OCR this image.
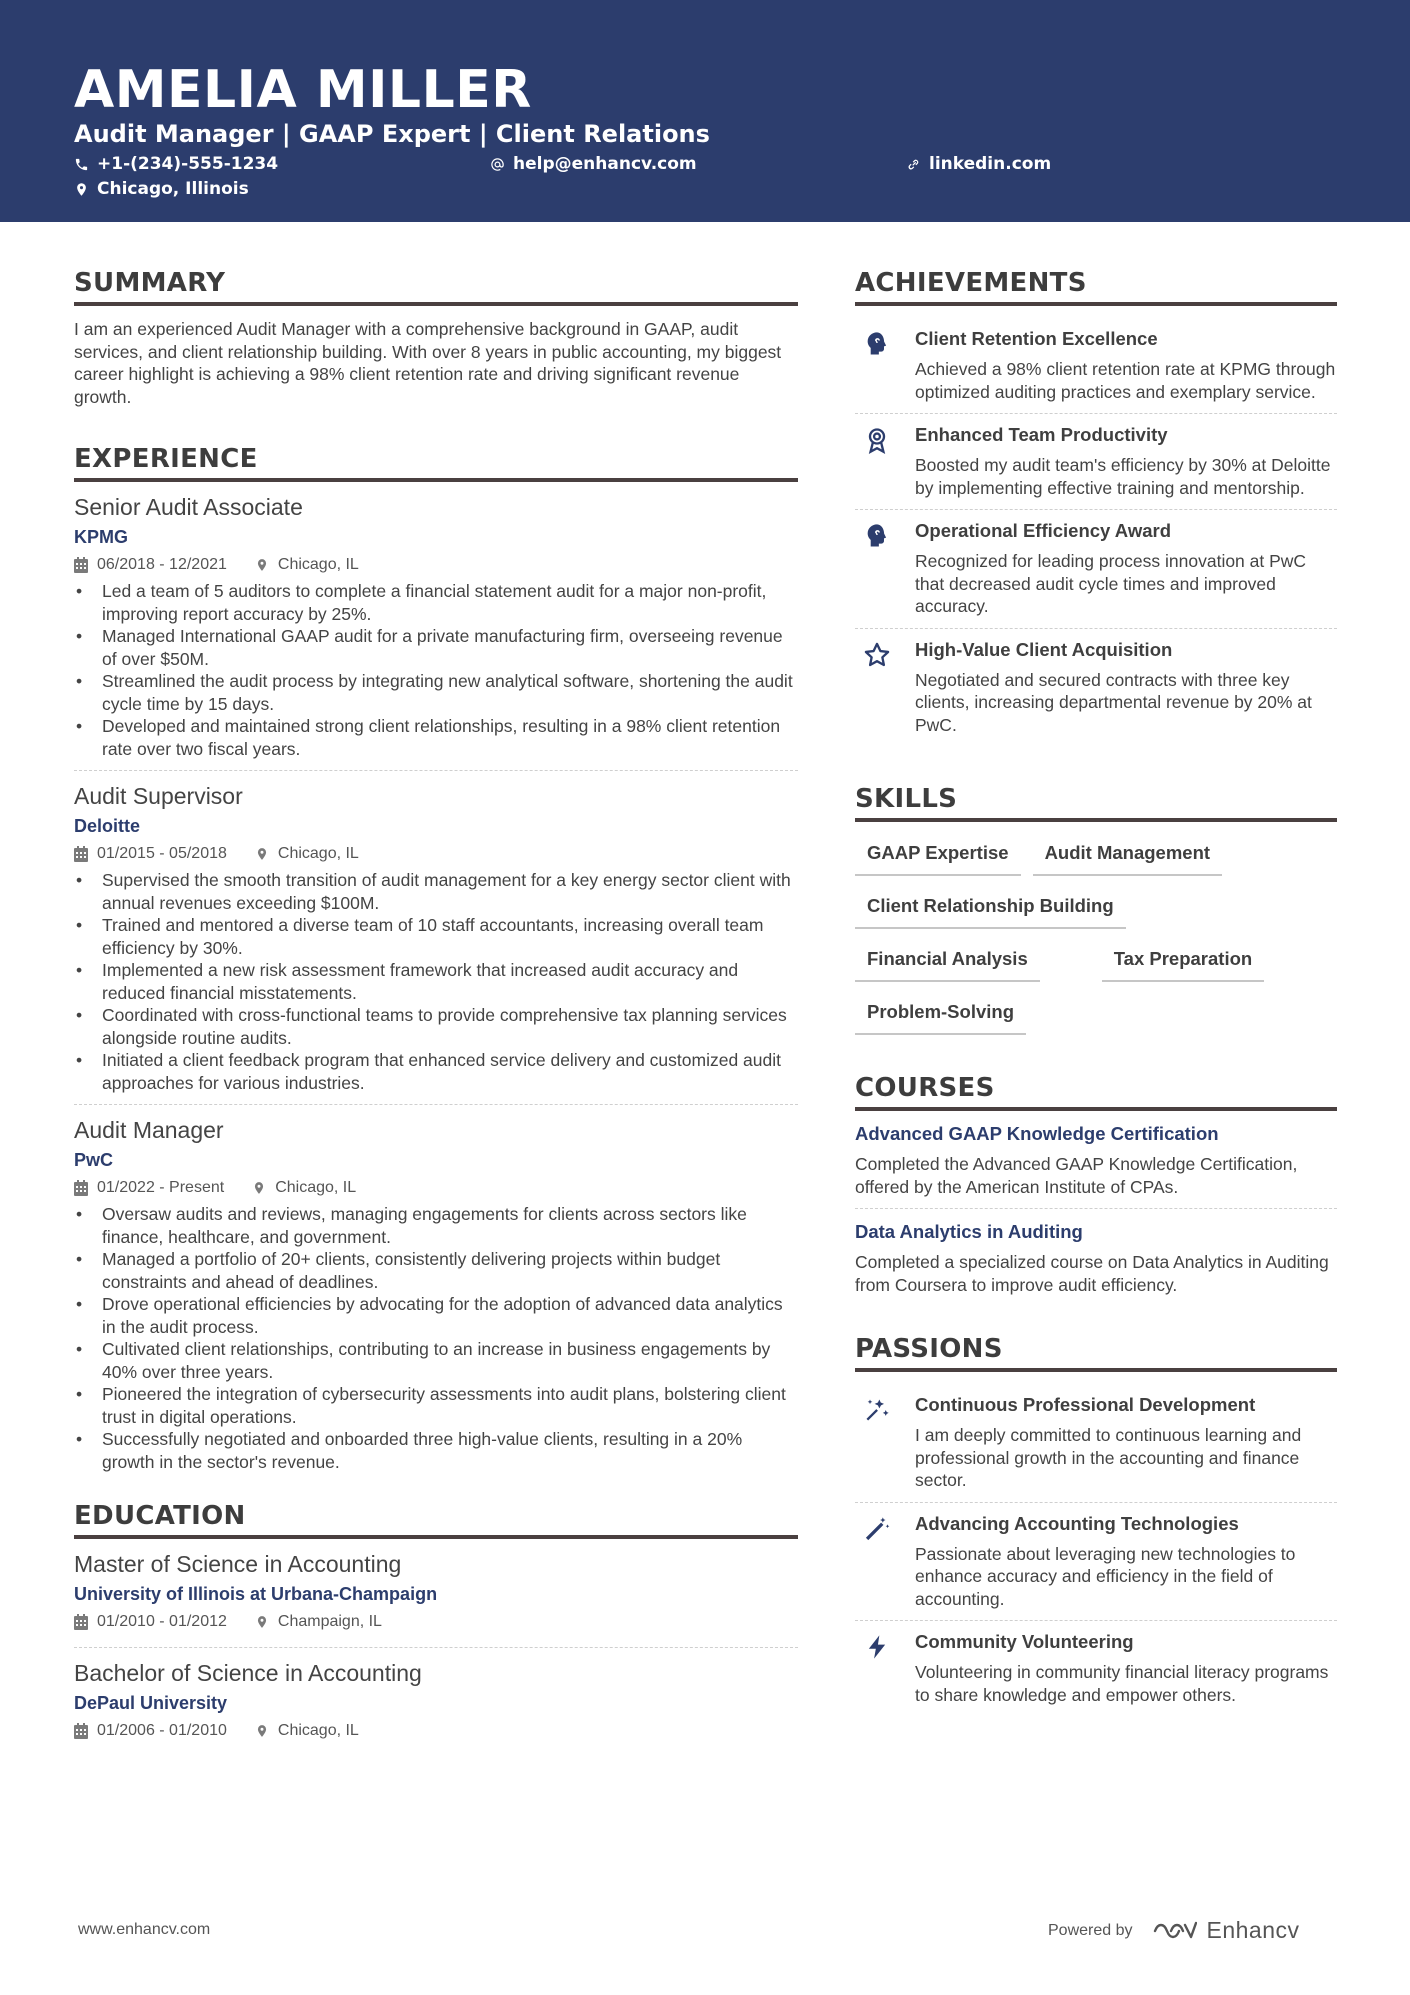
AMELIA MILLER
Audit Manager | GAAP Expert | Client Relations
+1-(234)-555-1234	help@enhancv.com	linkedin.com
Chicago, Illinois
SUMMARY
I am an experienced Audit Manager with a comprehensive background in GAAP, audit services, and client relationship building. With over 8 years in public accounting, my biggest career highlight is achieving a 98% client retention rate and driving significant revenue growth.
EXPERIENCE
Senior Audit Associate
KPMG
06/2018 - 12/2021	Chicago, IL
• Led a team of 5 auditors to complete a financial statement audit for a major non-profit, improving report accuracy by 25%.
• Managed International GAAP audit for a private manufacturing firm, overseeing revenue of over $50M.
• Streamlined the audit process by integrating new analytical software, shortening the audit cycle time by 15 days.
• Developed and maintained strong client relationships, resulting in a 98% client retention rate over two fiscal years.
Audit Supervisor
Deloitte
01/2015 - 05/2018	Chicago, IL
• Supervised the smooth transition of audit management for a key energy sector client with annual revenues exceeding $100M.
• Trained and mentored a diverse team of 10 staff accountants, increasing overall team efficiency by 30%.
• Implemented a new risk assessment framework that increased audit accuracy and reduced financial misstatements.
• Coordinated with cross-functional teams to provide comprehensive tax planning services alongside routine audits.
• Initiated a client feedback program that enhanced service delivery and customized audit approaches for various industries.
Audit Manager
PwC
01/2022 - Present	Chicago, IL
• Oversaw audits and reviews, managing engagements for clients across sectors like finance, healthcare, and government.
• Managed a portfolio of 20+ clients, consistently delivering projects within budget constraints and ahead of deadlines.
• Drove operational efficiencies by advocating for the adoption of advanced data analytics in the audit process.
• Cultivated client relationships, contributing to an increase in business engagements by 40% over three years.
• Pioneered the integration of cybersecurity assessments into audit plans, bolstering client trust in digital operations.
• Successfully negotiated and onboarded three high-value clients, resulting in a 20% growth in the sector's revenue.
EDUCATION
Master of Science in Accounting
University of Illinois at Urbana-Champaign
01/2010 - 01/2012	Champaign, IL
Bachelor of Science in Accounting
DePaul University
01/2006 - 01/2010	Chicago, IL
ACHIEVEMENTS
Client Retention Excellence
Achieved a 98% client retention rate at KPMG through optimized auditing practices and exemplary service.
Enhanced Team Productivity
Boosted my audit team's efficiency by 30% at Deloitte by implementing effective training and mentorship.
Operational Efficiency Award
Recognized for leading process innovation at PwC that decreased audit cycle times and improved accuracy.
High-Value Client Acquisition
Negotiated and secured contracts with three key clients, increasing departmental revenue by 20% at PwC.
SKILLS
GAAP Expertise	Audit Management
Client Relationship Building
Financial Analysis	Tax Preparation
Problem-Solving
COURSES
Advanced GAAP Knowledge Certification
Completed the Advanced GAAP Knowledge Certification, offered by the American Institute of CPAs.
Data Analytics in Auditing
Completed a specialized course on Data Analytics in Auditing from Coursera to improve audit efficiency.
PASSIONS
Continuous Professional Development
I am deeply committed to continuous learning and professional growth in the accounting and finance sector.
Advancing Accounting Technologies
Passionate about leveraging new technologies to enhance accuracy and efficiency in the field of accounting.
Community Volunteering
Volunteering in community financial literacy programs to share knowledge and empower others.
www.enhancv.com	Powered by	Enhancv
